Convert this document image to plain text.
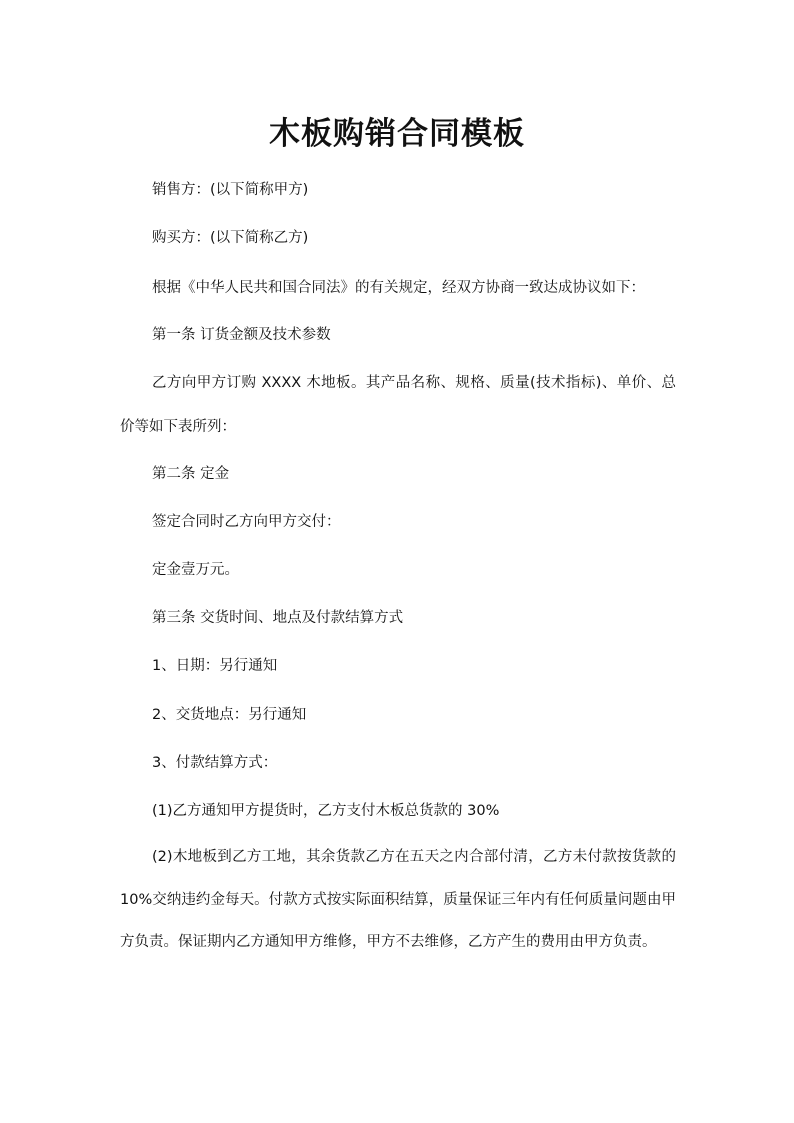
木板购销合同模板
销售方：(以下简称甲方)
购买方：(以下简称乙方)
根据《中华人民共和国合同法》的有关规定，经双方协商一致达成协议如下：
第一条 订货金额及技术参数
乙方向甲方订购 XXXX 木地板。其产品名称、规格、质量(技术指标)、单价、总价等如下表所列：
第二条 定金
签定合同时乙方向甲方交付：
定金壹万元。
第三条 交货时间、地点及付款结算方式
1、日期：另行通知
2、交货地点：另行通知
3、付款结算方式：
(1)乙方通知甲方提货时，乙方支付木板总货款的 30%
(2)木地板到乙方工地，其余货款乙方在五天之内合部付清，乙方未付款按货款的 10%交纳违约金每天。付款方式按实际面积结算，质量保证三年内有任何质量问题由甲方负责。保证期内乙方通知甲方维修，甲方不去维修，乙方产生的费用由甲方负责。
